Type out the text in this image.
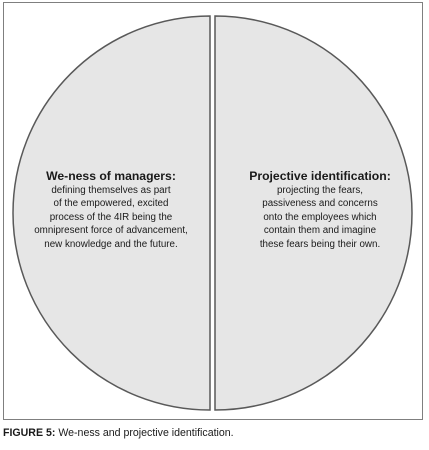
We-ness of managers:
defining themselves as part
of the empowered, excited
process of the 4IR being the
omnipresent force of advancement,
new knowledge and the future.
Projective identification:
projecting the fears,
passiveness and concerns
onto the employees which
contain them and imagine
these fears being their own.
FIGURE 5: We-ness and projective identification.
